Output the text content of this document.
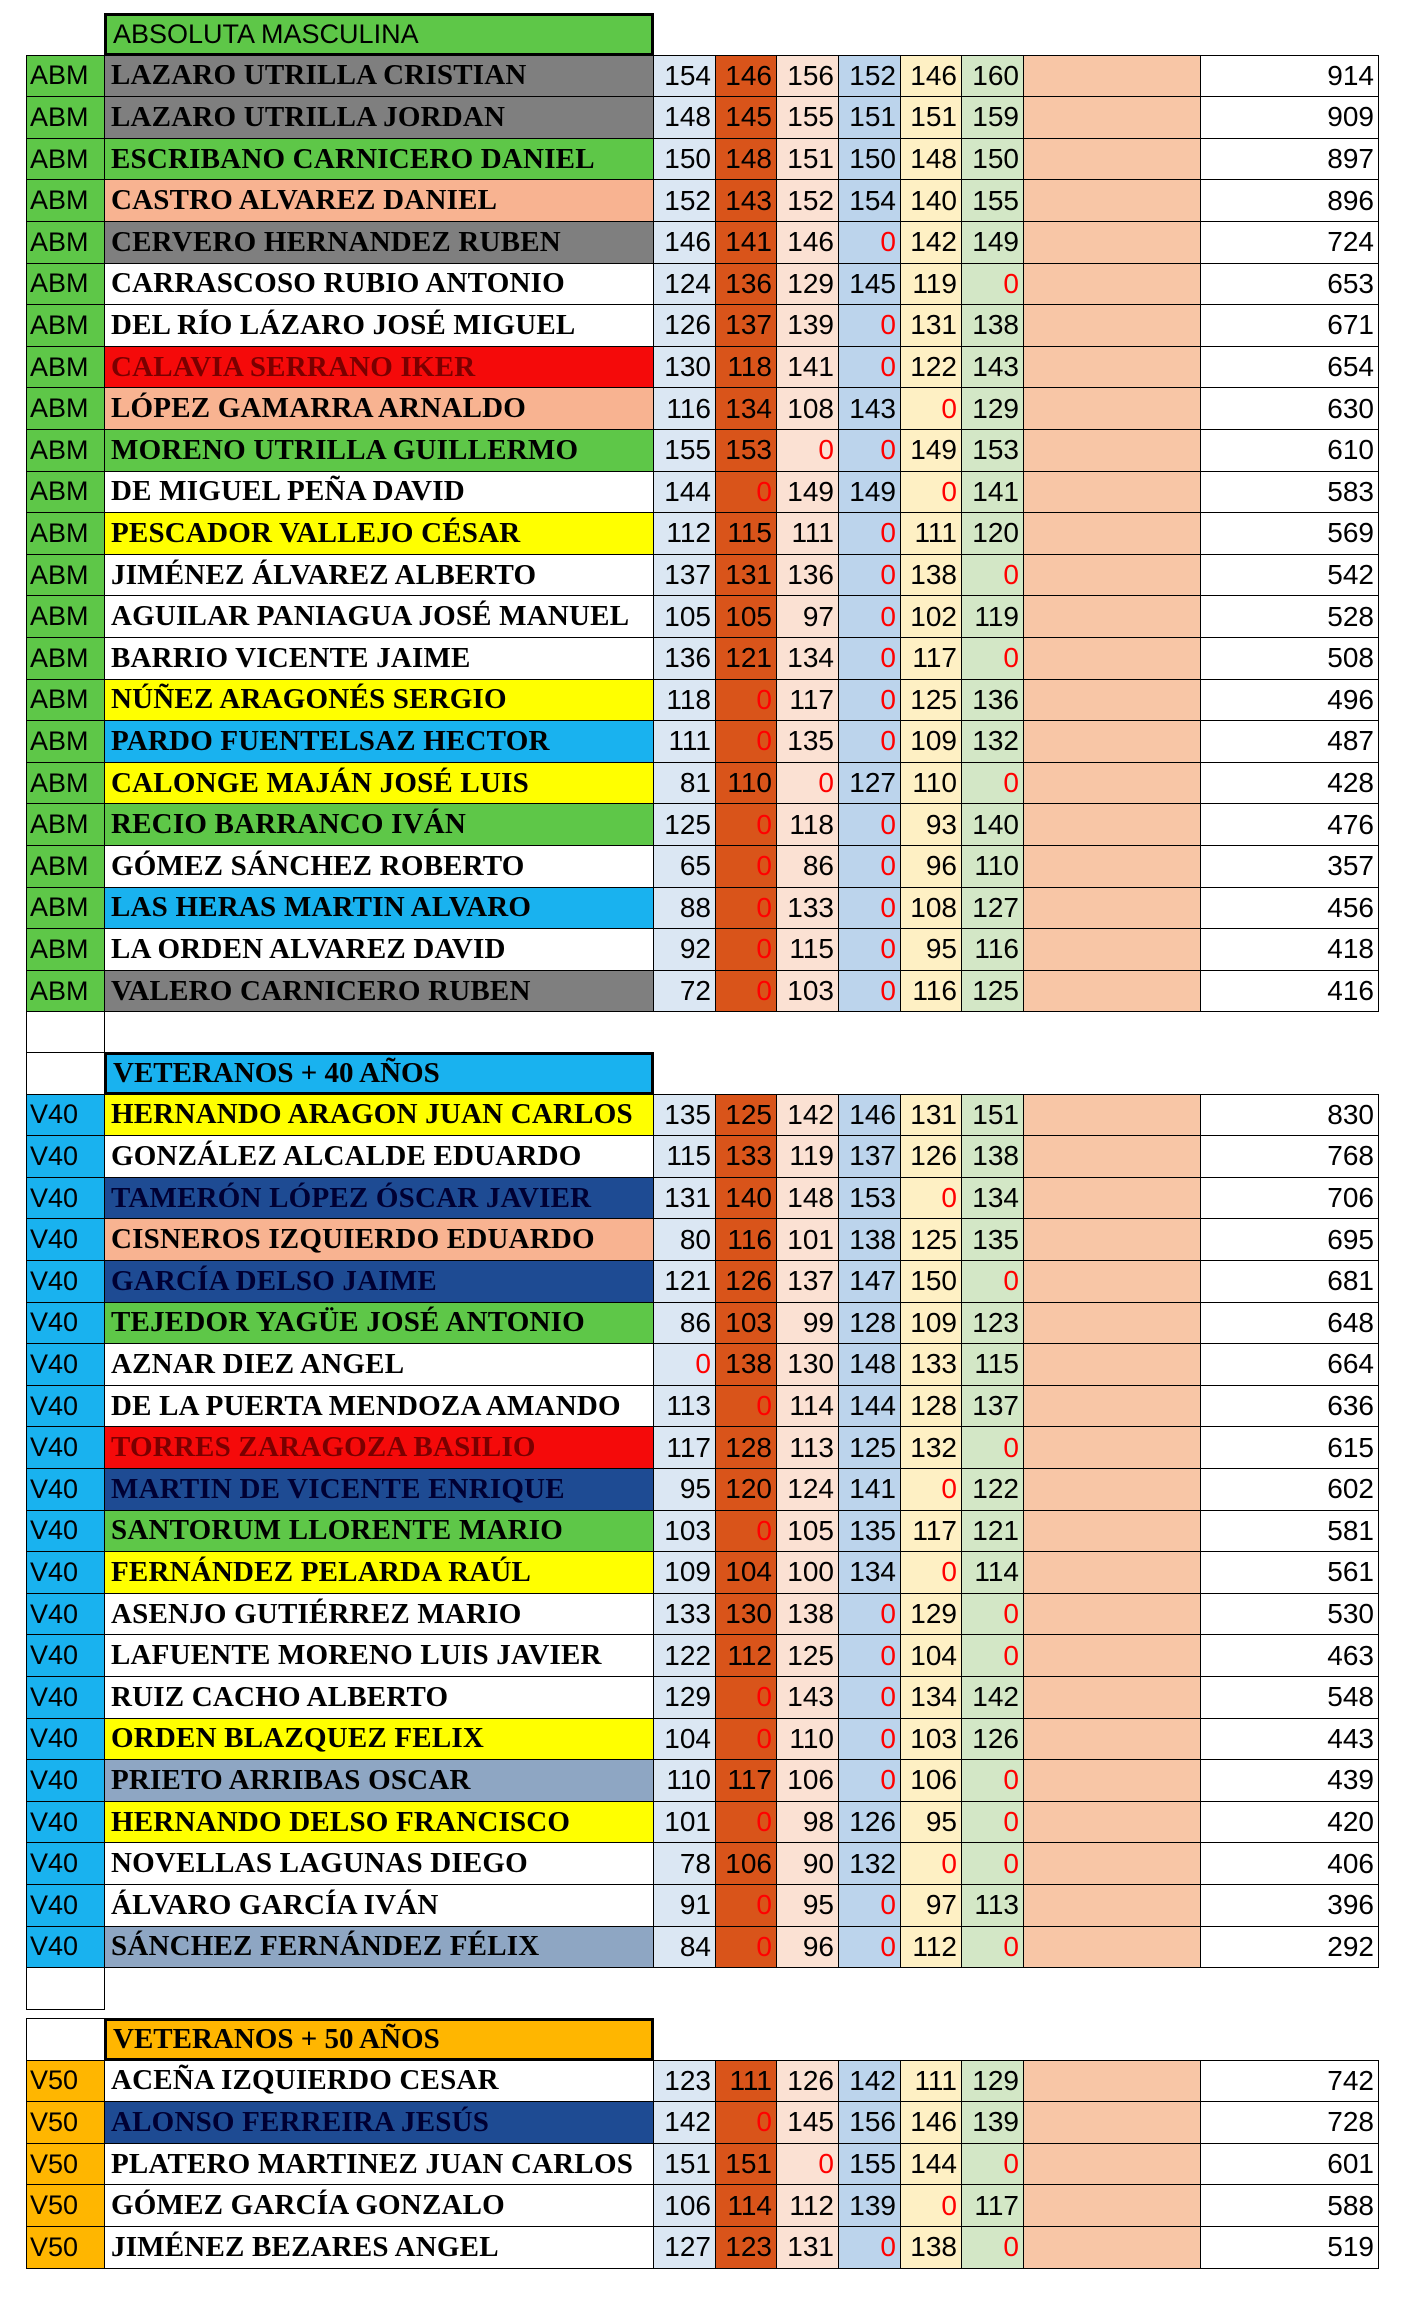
ABSOLUTA MASCULINA
ABM LAZARO UTRILLA CRISTIAN	154 146 156 152 146 160	914
ABM LAZARO UTRILLA JORDAN	148 145 155 151 151 159	909
ABM ESCRIBANO CARNICERO DANIEL	150 148 151 150 148 150	897
ABM CASTRO ALVAREZ DANIEL	152 143 152 154 140 155	896
ABM CERVERO HERNANDEZ RUBEN	146 141 146	0 142 149	724
ABM CARRASCOSO RUBIO ANTONIO	124 136 129 145 119	0	653
ABM DEL RÍO LÁZARO JOSÉ MIGUEL	126 137 139	0 131 138	671
ABM CALAVIA SERRANO IKER	130 118 141	0 122 143	654
ABM LÓPEZ GAMARRA ARNALDO	116 134 108 143	0 129	630
ABM MORENO UTRILLA GUILLERMO	155 153	0	0 149 153	610
ABM DE MIGUEL PEÑA DAVID	144	0 149 149	0 141	583
ABM PESCADOR VALLEJO CÉSAR	112 115 111	0 111 120	569
ABM JIMÉNEZ ÁLVAREZ ALBERTO	137 131 136	0 138	0	542
ABM AGUILAR PANIAGUA JOSÉ MANUEL	105 105	97	0 102 119	528
ABM BARRIO VICENTE JAIME	136 121 134	0 117	0	508
ABM NÚÑEZ ARAGONÉS SERGIO	118	0 117	0 125 136	496
ABM PARDO FUENTELSAZ HECTOR	111	0 135	0 109 132	487
ABM CALONGE MAJÁN JOSÉ LUIS	81 110	0 127 110	0	428
ABM RECIO BARRANCO IVÁN	125	0 118	0	93 140	476
ABM GÓMEZ SÁNCHEZ ROBERTO	65	0	86	0	96 110	357
ABM LAS HERAS MARTIN ALVARO	88	0 133	0 108 127	456
ABM LA ORDEN ALVAREZ DAVID	92	0 115	0	95 116	418
ABM VALERO CARNICERO RUBEN	72	0 103	0 116 125	416
VETERANOS + 40 AÑOS
V40	HERNANDO ARAGON JUAN CARLOS	135 125 142 146 131 151	830
V40	GONZÁLEZ ALCALDE EDUARDO	115 133 119 137 126 138	768
V40	TAMERÓN LÓPEZ ÓSCAR JAVIER	131 140 148 153	0 134	706
V40	CISNEROS IZQUIERDO EDUARDO	80 116 101 138 125 135	695
V40	GARCÍA DELSO JAIME	121 126 137 147 150	0	681
V40	TEJEDOR YAGÜE JOSÉ ANTONIO	86 103	99 128 109 123	648
V40	AZNAR DIEZ ANGEL	0 138 130 148 133 115	664
V40	DE LA PUERTA MENDOZA AMANDO	113	0 114 144 128 137	636
V40	TORRES ZARAGOZA BASILIO	117 128 113 125 132	0	615
V40	MARTIN DE VICENTE ENRIQUE	95 120 124 141	0 122	602
V40	SANTORUM LLORENTE MARIO	103	0 105 135 117 121	581
V40	FERNÁNDEZ PELARDA RAÚL	109 104 100 134	0 114	561
V40	ASENJO GUTIÉRREZ MARIO	133 130 138	0 129	0	530
V40	LAFUENTE MORENO LUIS JAVIER	122 112 125	0 104	0	463
V40	RUIZ CACHO ALBERTO	129	0 143	0 134 142	548
V40	ORDEN BLAZQUEZ FELIX	104	0 110	0 103 126	443
V40	PRIETO ARRIBAS OSCAR	110 117 106	0 106	0	439
V40	HERNANDO DELSO FRANCISCO	101	0	98 126	95	0	420
V40	NOVELLAS LAGUNAS DIEGO	78 106	90 132	0	0	406
V40	ÁLVARO GARCÍA IVÁN	91	0	95	0	97 113	396
V40	SÁNCHEZ FERNÁNDEZ FÉLIX	84	0	96	0 112	0	292
VETERANOS + 50 AÑOS
V50	ACEÑA IZQUIERDO CESAR	123 111 126 142 111 129	742
V50	ALONSO FERREIRA JESÚS	142	0 145 156 146 139	728
V50	PLATERO MARTINEZ JUAN CARLOS	151 151	0 155 144	0	601
V50	GÓMEZ GARCÍA GONZALO	106 114 112 139	0 117	588
V50	JIMÉNEZ BEZARES ANGEL	127 123 131	0 138	0	519
